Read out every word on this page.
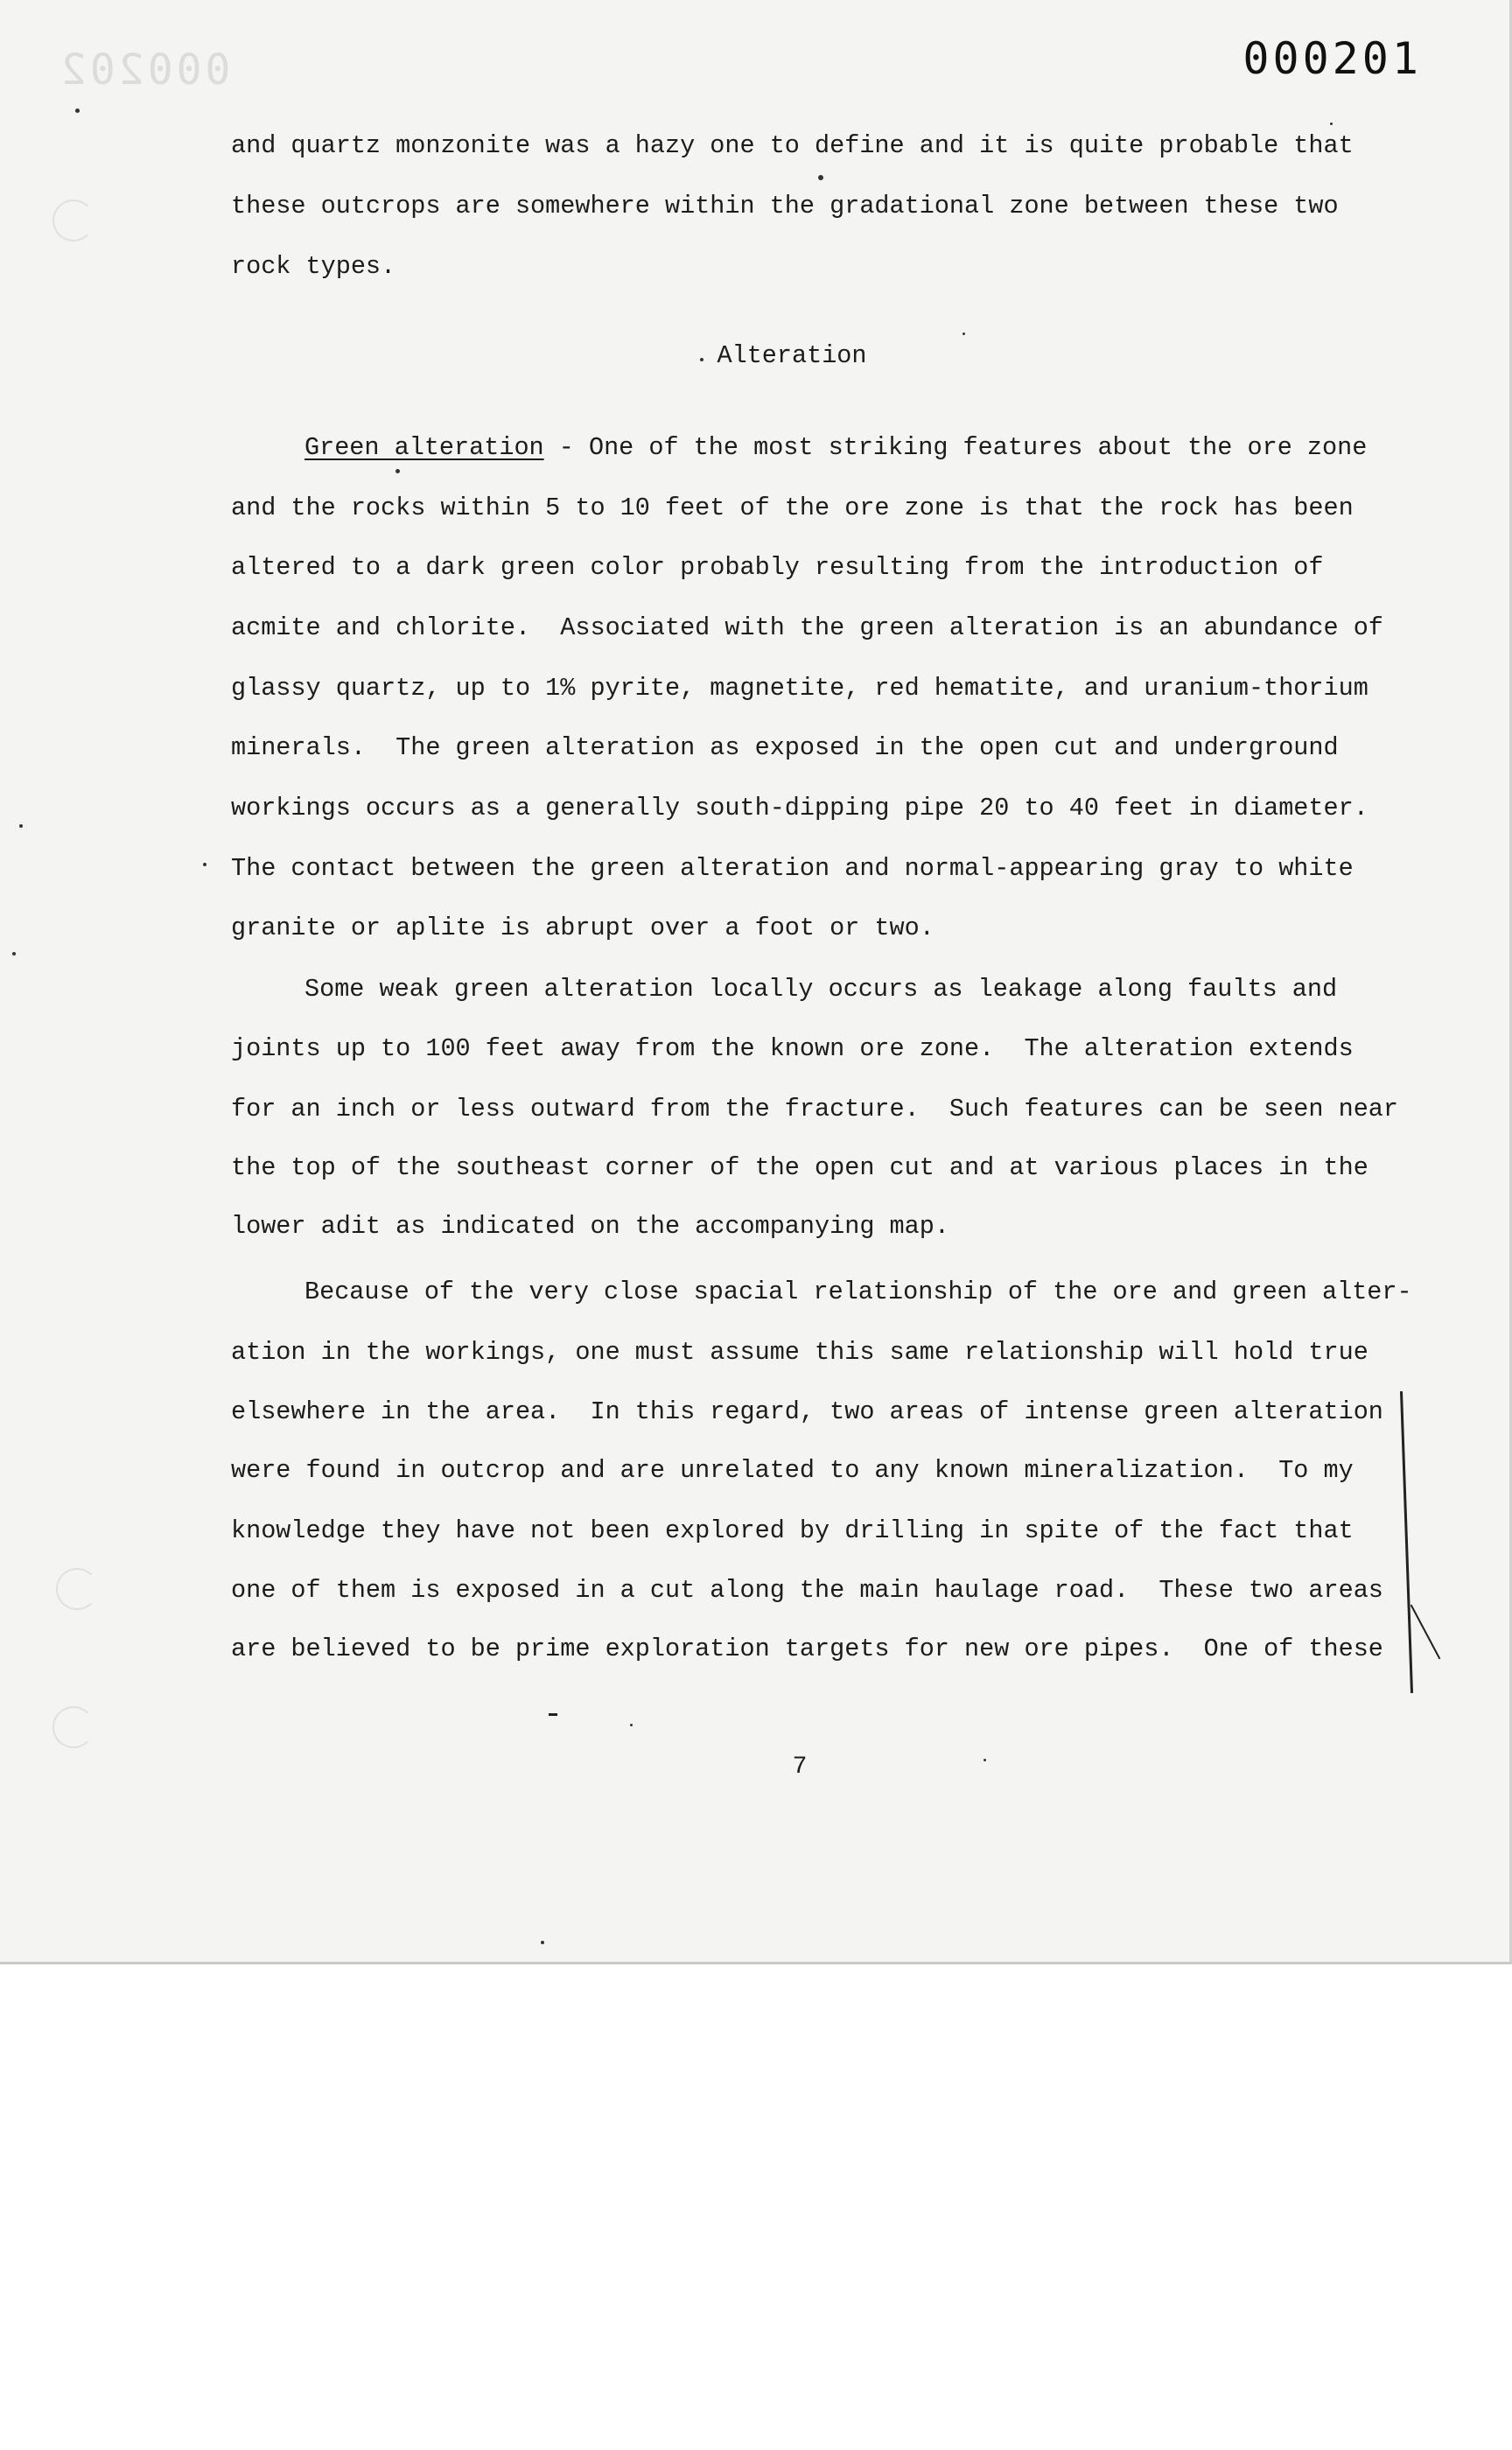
000202	000201
and quartz monzonite was a hazy one to define and it is quite probable that
these outcrops are somewhere within the gradational zone between these two
rock types.
Alteration
Green alteration - One of the most striking features about the ore zone
and the rocks within 5 to 10 feet of the ore zone is that the rock has been
altered to a dark green color probably resulting from the introduction of
acmite and chlorite.  Associated with the green alteration is an abundance of
glassy quartz, up to 1% pyrite, magnetite, red hematite, and uranium-thorium
minerals.  The green alteration as exposed in the open cut and underground
workings occurs as a generally south-dipping pipe 20 to 40 feet in diameter.
The contact between the green alteration and normal-appearing gray to white
granite or aplite is abrupt over a foot or two.
Some weak green alteration locally occurs as leakage along faults and
joints up to 100 feet away from the known ore zone.  The alteration extends
for an inch or less outward from the fracture.  Such features can be seen near
the top of the southeast corner of the open cut and at various places in the
lower adit as indicated on the accompanying map.
Because of the very close spacial relationship of the ore and green alter-
ation in the workings, one must assume this same relationship will hold true
elsewhere in the area.  In this regard, two areas of intense green alteration
were found in outcrop and are unrelated to any known mineralization.  To my
knowledge they have not been explored by drilling in spite of the fact that
one of them is exposed in a cut along the main haulage road.  These two areas
are believed to be prime exploration targets for new ore pipes.  One of these
7
